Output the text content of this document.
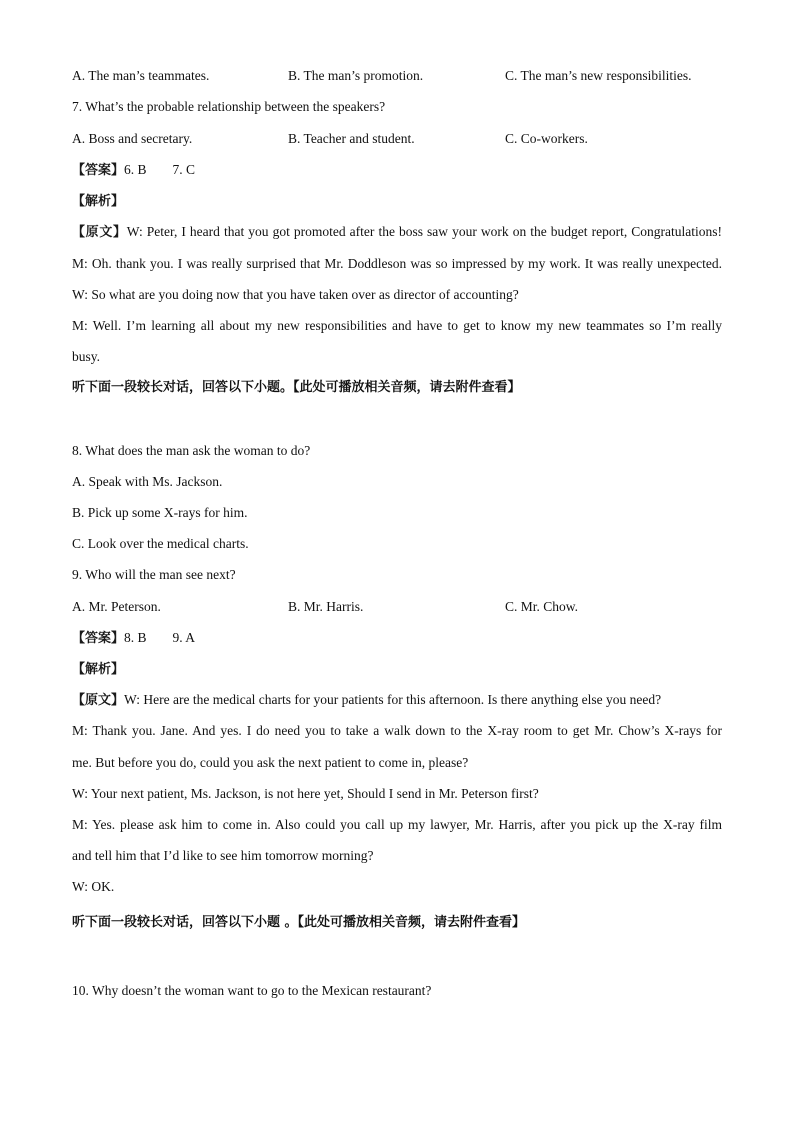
A. The man’s teammates.	B. The man’s promotion.	C. The man’s new responsibilities.
7. What’s the probable relationship between the speakers?
A. Boss and secretary.	B. Teacher and student.	C. Co-workers.
【答案】6. B 7. C
【解析】
【原文】W: Peter, I heard that you got promoted after the boss saw your work on the budget report, Congratulations!
M: Oh. thank you. I was really surprised that Mr. Doddleson was so impressed by my work. It was really unexpected.
W: So what are you doing now that you have taken over as director of accounting?
M: Well. I’m learning all about my new responsibilities and have to get to know my new teammates so I’m really
busy.
听下面一段较长对话，回答以下小题。【此处可播放相关音频，请去附件查看】
8. What does the man ask the woman to do?
A. Speak with Ms. Jackson.
B. Pick up some X-rays for him.
C. Look over the medical charts.
9. Who will the man see next?
A. Mr. Peterson.	B. Mr. Harris.	C. Mr. Chow.
【答案】8. B 9. A
【解析】
【原文】W: Here are the medical charts for your patients for this afternoon. Is there anything else you need?
M: Thank you. Jane. And yes. I do need you to take a walk down to the X-ray room to get Mr. Chow’s X-rays for
me. But before you do, could you ask the next patient to come in, please?
W: Your next patient, Ms. Jackson, is not here yet, Should I send in Mr. Peterson first?
M: Yes. please ask him to come in. Also could you call up my lawyer, Mr. Harris, after you pick up the X-ray film
and tell him that I’d like to see him tomorrow morning?
W: OK.
听下面一段较长对话，回答以下小题 。【此处可播放相关音频，请去附件查看】
10. Why doesn’t the woman want to go to the Mexican restaurant?
